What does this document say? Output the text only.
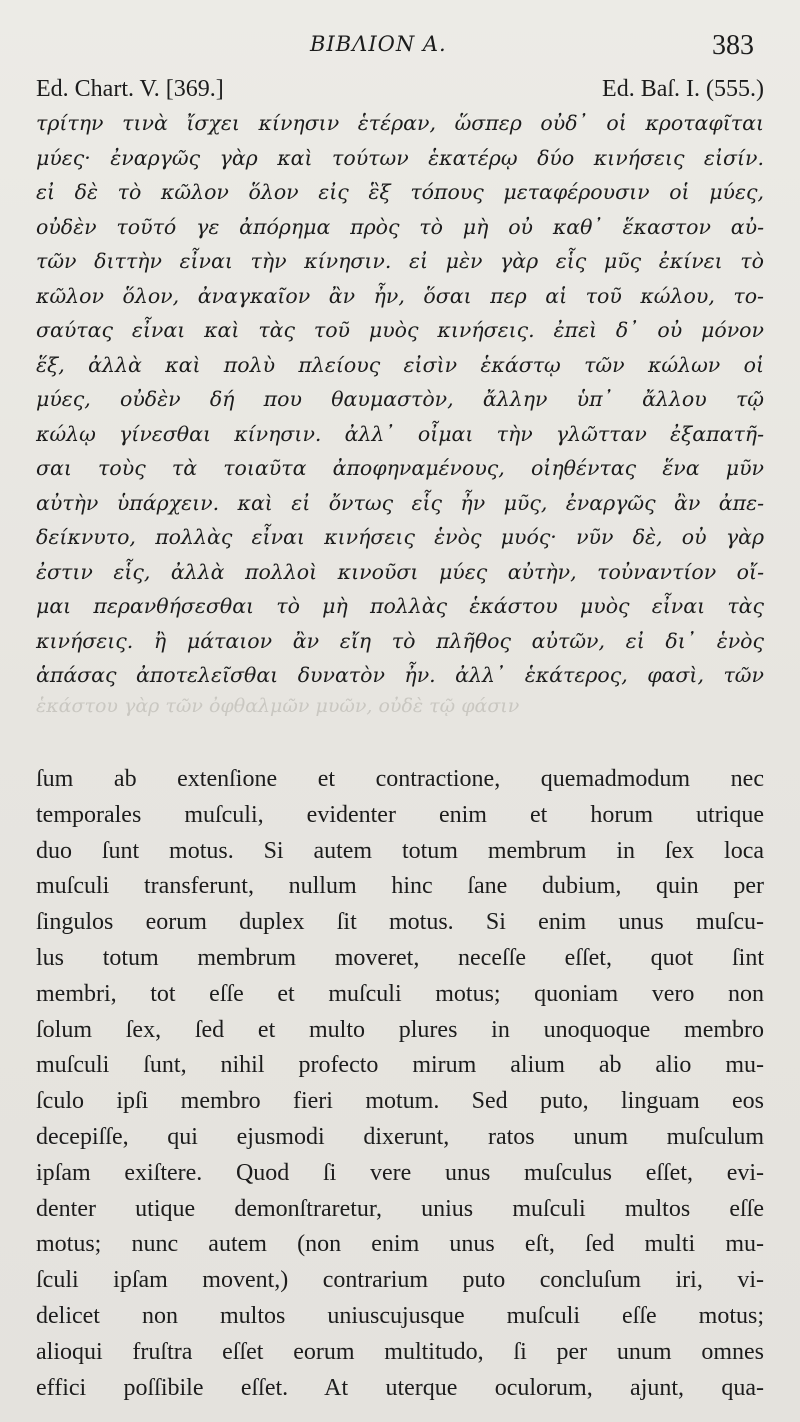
BIBΛΙΟΝ Α.	383
Ed. Chart. V. [369.]	Ed. Baſ. I. (555.)
τρίτην τινὰ ἴσχει κίνησιν ἑτέραν, ὥσπερ οὐδ᾽ οἱ κροταφῖται
μύες· ἐναργῶς γὰρ καὶ τούτων ἑκατέρῳ δύο κινήσεις εἰσίν.
εἰ δὲ τὸ κῶλον ὅλον εἰς ἓξ τόπους μεταφέρουσιν οἱ μύες,
οὐδὲν τοῦτό γε ἀπόρημα πρὸς τὸ μὴ οὐ καθ᾽ ἕκαστον αὐ-
τῶν διττὴν εἶναι τὴν κίνησιν. εἰ μὲν γὰρ εἷς μῦς ἐκίνει τὸ
κῶλον ὅλον, ἀναγκαῖον ἂν ἦν, ὅσαι περ αἱ τοῦ κώλου, το-
σαύτας εἶναι καὶ τὰς τοῦ μυὸς κινήσεις. ἐπεὶ δ᾽ οὐ μόνον
ἕξ, ἀλλὰ καὶ πολὺ πλείους εἰσὶν ἑκάστῳ τῶν κώλων οἱ
μύες, οὐδὲν δή που θαυμαστὸν, ἄλλην ὑπ᾽ ἄλλου τῷ
κώλῳ γίνεσθαι κίνησιν. ἀλλ᾽ οἶμαι τὴν γλῶτταν ἐξαπατῆ-
σαι τοὺς τὰ τοιαῦτα ἀποφηναμένους, οἰηθέντας ἕνα μῦν
αὐτὴν ὑπάρχειν. καὶ εἰ ὄντως εἷς ἦν μῦς, ἐναργῶς ἂν ἀπε-
δείκνυτο, πολλὰς εἶναι κινήσεις ἑνὸς μυός· νῦν δὲ, οὐ γὰρ
ἐστιν εἷς, ἀλλὰ πολλοὶ κινοῦσι μύες αὐτὴν, τοὐναντίον οἴ-
μαι περανθήσεσθαι τὸ μὴ πολλὰς ἑκάστου μυὸς εἶναι τὰς
κινήσεις. ἢ μάταιον ἂν εἴη τὸ πλῆθος αὐτῶν, εἰ δι᾽ ἑνὸς
ἁπάσας ἀποτελεῖσθαι δυνατὸν ἦν. ἀλλ᾽ ἑκάτερος, φασὶ, τῶν
ἑκάστου γὰρ τῶν ὀφθαλμῶν μυῶν, οὐδὲ τῷ φάσιν
ſum ab extenſione et contractione, quemadmodum nec
temporales muſculi, evidenter enim et horum utrique
duo ſunt motus. Si autem totum membrum in ſex loca
muſculi transferunt, nullum hinc ſane dubium, quin per
ſingulos eorum duplex ſit motus. Si enim unus muſcu-
lus totum membrum moveret, neceſſe eſſet, quot ſint
membri, tot eſſe et muſculi motus; quoniam vero non
ſolum ſex, ſed et multo plures in unoquoque membro
muſculi ſunt, nihil profecto mirum alium ab alio mu-
ſculo ipſi membro fieri motum. Sed puto, linguam eos
decepiſſe, qui ejusmodi dixerunt, ratos unum muſculum
ipſam exiſtere. Quod ſi vere unus muſculus eſſet, evi-
denter utique demonſtraretur, unius muſculi multos eſſe
motus; nunc autem (non enim unus eſt, ſed multi mu-
ſculi ipſam movent,) contrarium puto concluſum iri, vi-
delicet non multos uniuscujusque muſculi eſſe motus;
alioqui fruſtra eſſet eorum multitudo, ſi per unum omnes
effici poſſibile eſſet. At uterque oculorum, ajunt, qua-
